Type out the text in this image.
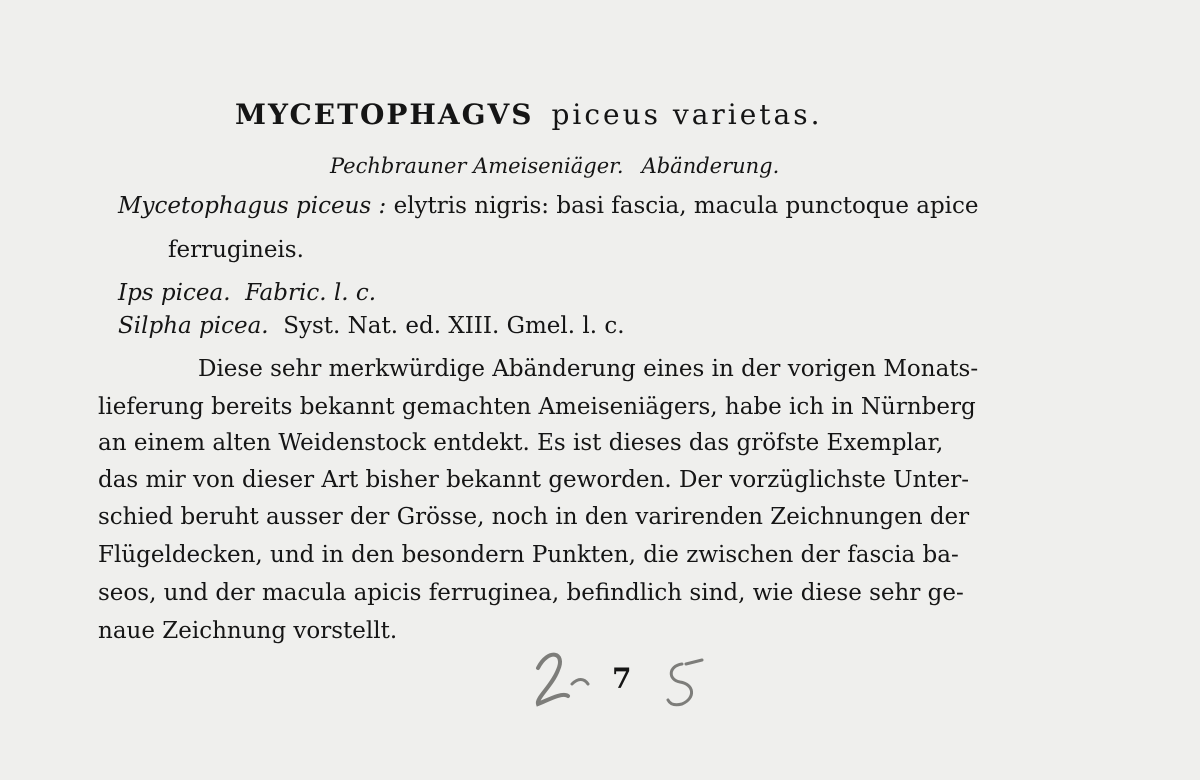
MYCETOPHAGVS piceus varietas.
Pechbrauner Ameiseniäger. Abänderung.
Mycetophagus piceus : elytris nigris: basi fascia, macula punctoque apice
ferrugineis.
Ips picea. Fabric. l. c.
Silpha picea. Syst. Nat. ed. XIII. Gmel. l. c.
Diese sehr merkwürdige Abänderung eines in der vorigen Monats-
lieferung bereits bekannt gemachten Ameiseniägers, habe ich in Nürnberg
an einem alten Weidenstock entdekt. Es ist dieses das gröfste Exemplar,
das mir von dieser Art bisher bekannt geworden. Der vorzüglichste Unter-
schied beruht ausser der Grösse, noch in den varirenden Zeichnungen der
Flügeldecken, und in den besondern Punkten, die zwischen der fascia ba-
seos, und der macula apicis ferruginea, befindlich sind, wie diese sehr ge-
naue Zeichnung vorstellt.
7
